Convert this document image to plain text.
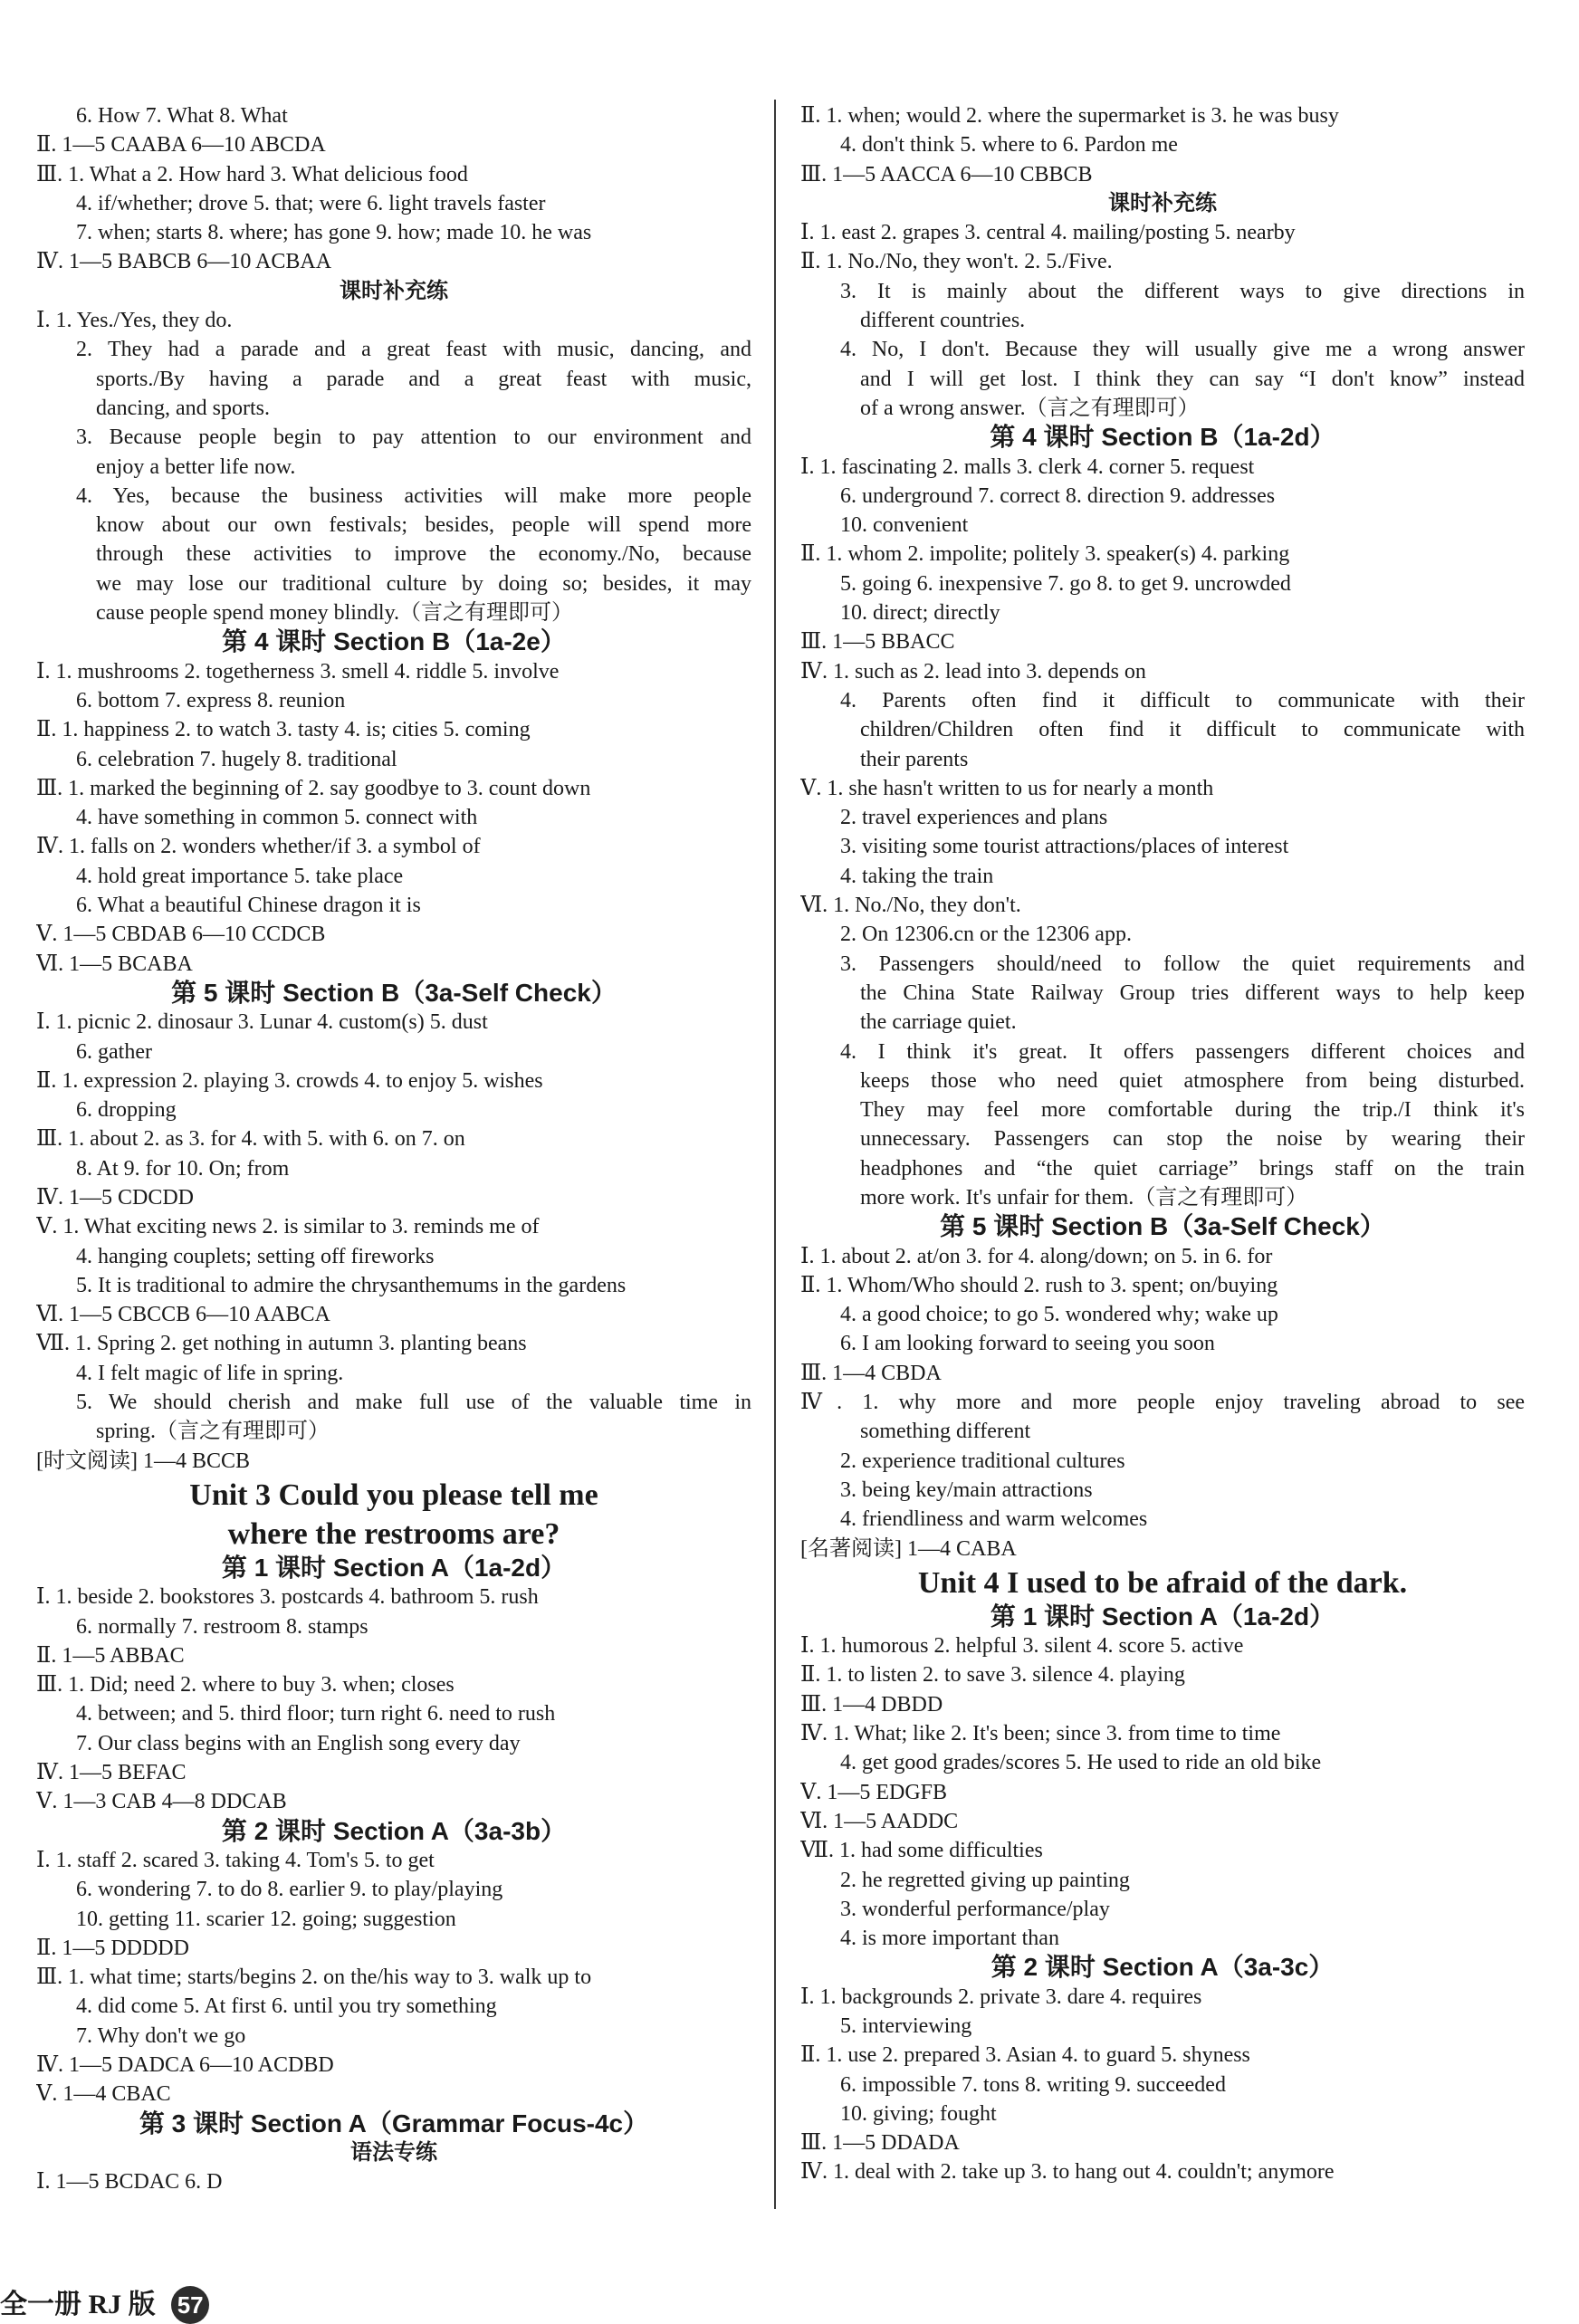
6. How 7. What 8. What
Ⅱ. 1—5 CAABA 6—10 ABCDA
Ⅲ. 1. What a 2. How hard 3. What delicious food
4. if/whether; drove 5. that; were 6. light travels faster
7. when; starts 8. where; has gone 9. how; made 10. he was
Ⅳ. 1—5 BABCB 6—10 ACBAA
课时补充练
Ⅰ. 1. Yes./Yes, they do.
2. They had a parade and a great feast with music, dancing, and
sports./By having a parade and a great feast with music,
dancing, and sports.
3. Because people begin to pay attention to our environment and
enjoy a better life now.
4. Yes, because the business activities will make more people
know about our own festivals; besides, people will spend more
through these activities to improve the economy./No, because
we may lose our traditional culture by doing so; besides, it may
cause people spend money blindly.（言之有理即可）
第 4 课时 Section B（1a-2e）
Ⅰ. 1. mushrooms 2. togetherness 3. smell 4. riddle 5. involve
6. bottom 7. express 8. reunion
Ⅱ. 1. happiness 2. to watch 3. tasty 4. is; cities 5. coming
6. celebration 7. hugely 8. traditional
Ⅲ. 1. marked the beginning of 2. say goodbye to 3. count down
4. have something in common 5. connect with
Ⅳ. 1. falls on 2. wonders whether/if 3. a symbol of
4. hold great importance 5. take place
6. What a beautiful Chinese dragon it is
Ⅴ. 1—5 CBDAB 6—10 CCDCB
Ⅵ. 1—5 BCABA
第 5 课时 Section B（3a-Self Check）
Ⅰ. 1. picnic 2. dinosaur 3. Lunar 4. custom(s) 5. dust
6. gather
Ⅱ. 1. expression 2. playing 3. crowds 4. to enjoy 5. wishes
6. dropping
Ⅲ. 1. about 2. as 3. for 4. with 5. with 6. on 7. on
8. At 9. for 10. On; from
Ⅳ. 1—5 CDCDD
Ⅴ. 1. What exciting news 2. is similar to 3. reminds me of
4. hanging couplets; setting off fireworks
5. It is traditional to admire the chrysanthemums in the gardens
Ⅵ. 1—5 CBCCB 6—10 AABCA
Ⅶ. 1. Spring 2. get nothing in autumn 3. planting beans
4. I felt magic of life in spring.
5. We should cherish and make full use of the valuable time in
spring.（言之有理即可）
[时文阅读] 1—4 BCCB
Unit 3 Could you please tell me
where the restrooms are?
第 1 课时 Section A（1a-2d）
Ⅰ. 1. beside 2. bookstores 3. postcards 4. bathroom 5. rush
6. normally 7. restroom 8. stamps
Ⅱ. 1—5 ABBAC
Ⅲ. 1. Did; need 2. where to buy 3. when; closes
4. between; and 5. third floor; turn right 6. need to rush
7. Our class begins with an English song every day
Ⅳ. 1—5 BEFAC
Ⅴ. 1—3 CAB 4—8 DDCAB
第 2 课时 Section A（3a-3b）
Ⅰ. 1. staff 2. scared 3. taking 4. Tom's 5. to get
6. wondering 7. to do 8. earlier 9. to play/playing
10. getting 11. scarier 12. going; suggestion
Ⅱ. 1—5 DDDDD
Ⅲ. 1. what time; starts/begins 2. on the/his way to 3. walk up to
4. did come 5. At first 6. until you try something
7. Why don't we go
Ⅳ. 1—5 DADCA 6—10 ACDBD
Ⅴ. 1—4 CBAC
第 3 课时 Section A（Grammar Focus-4c）
语法专练
Ⅰ. 1—5 BCDAC 6. D
Ⅱ. 1. when; would 2. where the supermarket is 3. he was busy
4. don't think 5. where to 6. Pardon me
Ⅲ. 1—5 AACCA 6—10 CBBCB
课时补充练
Ⅰ. 1. east 2. grapes 3. central 4. mailing/posting 5. nearby
Ⅱ. 1. No./No, they won't. 2. 5./Five.
3. It is mainly about the different ways to give directions in
different countries.
4. No, I don't. Because they will usually give me a wrong answer
and I will get lost. I think they can say “I don't know” instead
of a wrong answer.（言之有理即可）
第 4 课时 Section B（1a-2d）
Ⅰ. 1. fascinating 2. malls 3. clerk 4. corner 5. request
6. underground 7. correct 8. direction 9. addresses
10. convenient
Ⅱ. 1. whom 2. impolite; politely 3. speaker(s) 4. parking
5. going 6. inexpensive 7. go 8. to get 9. uncrowded
10. direct; directly
Ⅲ. 1—5 BBACC
Ⅳ. 1. such as 2. lead into 3. depends on
4. Parents often find it difficult to communicate with their
children/Children often find it difficult to communicate with
their parents
Ⅴ. 1. she hasn't written to us for nearly a month
2. travel experiences and plans
3. visiting some tourist attractions/places of interest
4. taking the train
Ⅵ. 1. No./No, they don't.
2. On 12306.cn or the 12306 app.
3. Passengers should/need to follow the quiet requirements and
the China State Railway Group tries different ways to help keep
the carriage quiet.
4. I think it's great. It offers passengers different choices and
keeps those who need quiet atmosphere from being disturbed.
They may feel more comfortable during the trip./I think it's
unnecessary. Passengers can stop the noise by wearing their
headphones and “the quiet carriage” brings staff on the train
more work. It's unfair for them.（言之有理即可）
第 5 课时 Section B（3a-Self Check）
Ⅰ. 1. about 2. at/on 3. for 4. along/down; on 5. in 6. for
Ⅱ. 1. Whom/Who should 2. rush to 3. spent; on/buying
4. a good choice; to go 5. wondered why; wake up
6. I am looking forward to seeing you soon
Ⅲ. 1—4 CBDA
Ⅳ. 1. why more and more people enjoy traveling abroad to see
something different
2. experience traditional cultures
3. being key/main attractions
4. friendliness and warm welcomes
[名著阅读] 1—4 CABA
Unit 4 I used to be afraid of the dark.
第 1 课时 Section A（1a-2d）
Ⅰ. 1. humorous 2. helpful 3. silent 4. score 5. active
Ⅱ. 1. to listen 2. to save 3. silence 4. playing
Ⅲ. 1—4 DBDD
Ⅳ. 1. What; like 2. It's been; since 3. from time to time
4. get good grades/scores 5. He used to ride an old bike
Ⅴ. 1—5 EDGFB
Ⅵ. 1—5 AADDC
Ⅶ. 1. had some difficulties
2. he regretted giving up painting
3. wonderful performance/play
4. is more important than
第 2 课时 Section A（3a-3c）
Ⅰ. 1. backgrounds 2. private 3. dare 4. requires
5. interviewing
Ⅱ. 1. use 2. prepared 3. Asian 4. to guard 5. shyness
6. impossible 7. tons 8. writing 9. succeeded
10. giving; fought
Ⅲ. 1—5 DDADA
Ⅳ. 1. deal with 2. take up 3. to hang out 4. couldn't; anymore
全一册 RJ 版 57
